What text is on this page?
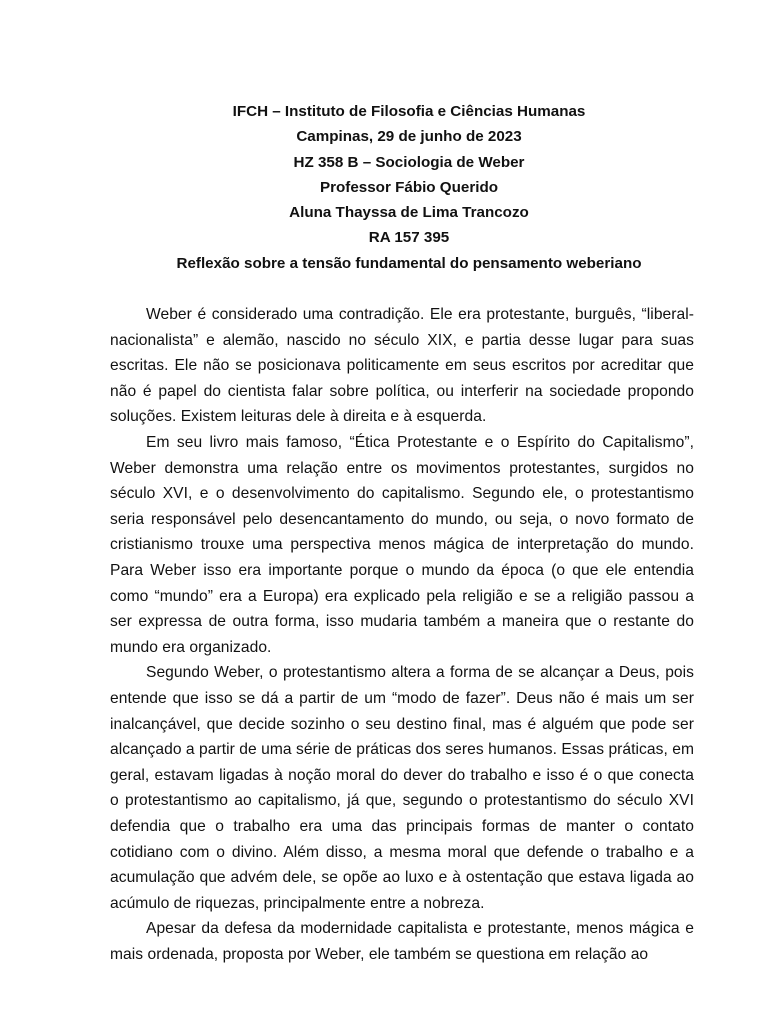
IFCH – Instituto de Filosofia e Ciências Humanas
Campinas, 29 de junho de 2023
HZ 358 B – Sociologia de Weber
Professor Fábio Querido
Aluna Thayssa de Lima Trancozo
RA 157 395
Reflexão sobre a tensão fundamental do pensamento weberiano

Weber é considerado uma contradição. Ele era protestante, burguês, “liberal-nacionalista” e alemão, nascido no século XIX, e partia desse lugar para suas escritas. Ele não se posicionava politicamente em seus escritos por acreditar que não é papel do cientista falar sobre política, ou interferir na sociedade propondo soluções. Existem leituras dele à direita e à esquerda.

Em seu livro mais famoso, “Ética Protestante e o Espírito do Capitalismo”, Weber demonstra uma relação entre os movimentos protestantes, surgidos no século XVI, e o desenvolvimento do capitalismo. Segundo ele, o protestantismo seria responsável pelo desencantamento do mundo, ou seja, o novo formato de cristianismo trouxe uma perspectiva menos mágica de interpretação do mundo. Para Weber isso era importante porque o mundo da época (o que ele entendia como “mundo” era a Europa) era explicado pela religião e se a religião passou a ser expressa de outra forma, isso mudaria também a maneira que o restante do mundo era organizado.

Segundo Weber, o protestantismo altera a forma de se alcançar a Deus, pois entende que isso se dá a partir de um “modo de fazer”. Deus não é mais um ser inalcançável, que decide sozinho o seu destino final, mas é alguém que pode ser alcançado a partir de uma série de práticas dos seres humanos. Essas práticas, em geral, estavam ligadas à noção moral do dever do trabalho e isso é o que conecta o protestantismo ao capitalismo, já que, segundo o protestantismo do século XVI defendia que o trabalho era uma das principais formas de manter o contato cotidiano com o divino. Além disso, a mesma moral que defende o trabalho e a acumulação que advém dele, se opõe ao luxo e à ostentação que estava ligada ao acúmulo de riquezas, principalmente entre a nobreza.

Apesar da defesa da modernidade capitalista e protestante, menos mágica e mais ordenada, proposta por Weber, ele também se questiona em relação ao
